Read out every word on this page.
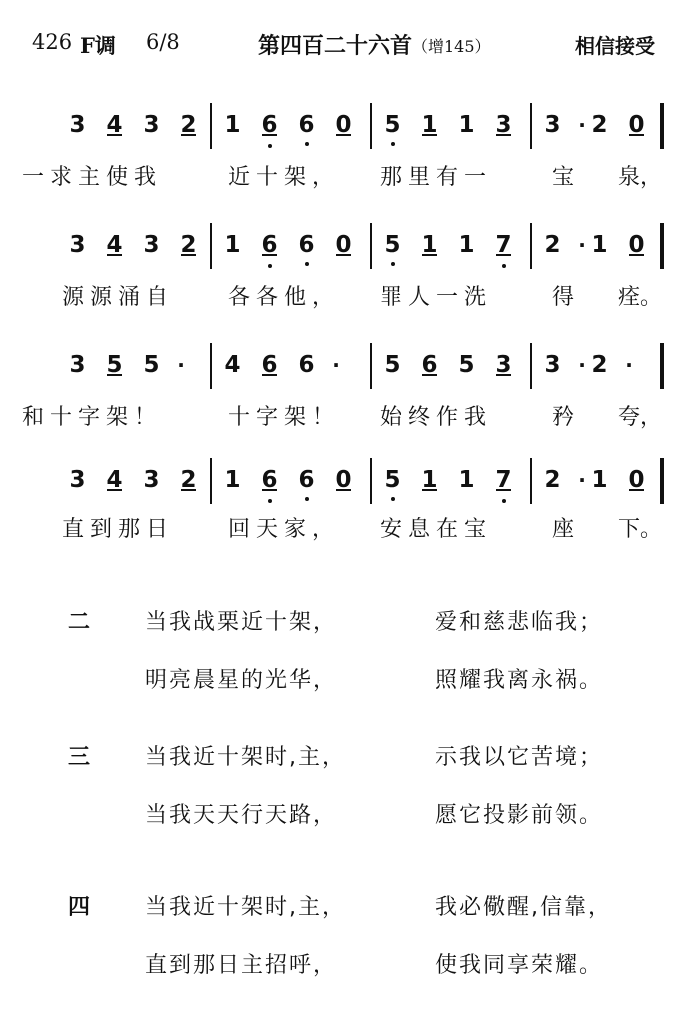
426 F调 6/8	第四百二十六首 （增145）	相信接受
3 4 3 2 1 6 6 0 5 1 1 3 3 · 2 0
一求主使我	近十架， 那里有一	宝 泉，
3 4 3 2 1 6 6 0 5 1 1 7 2 · 1 0
源源涌自 各各他， 罪人一洗	得 痊。
3 5 5 · 4 6 6 · 5 6 5 3 3 · 2 ·
和十字架！	十字架！ 始终作我	矜 夸，
3 4 3 2 1 6 6 0 5 1 1 7 2 · 1 0
直到那日 回天家， 安息在宝	座 下。
二 当我战栗近十架，	爱和慈悲临我；
明亮晨星的光华，	照耀我离永祸。
三 当我近十架时,主，	示我以它苦境；
当我天天行天路，	愿它投影前领。
四 当我近十架时,主，	我必儆醒,信靠，
直到那日主招呼，	使我同享荣耀。
